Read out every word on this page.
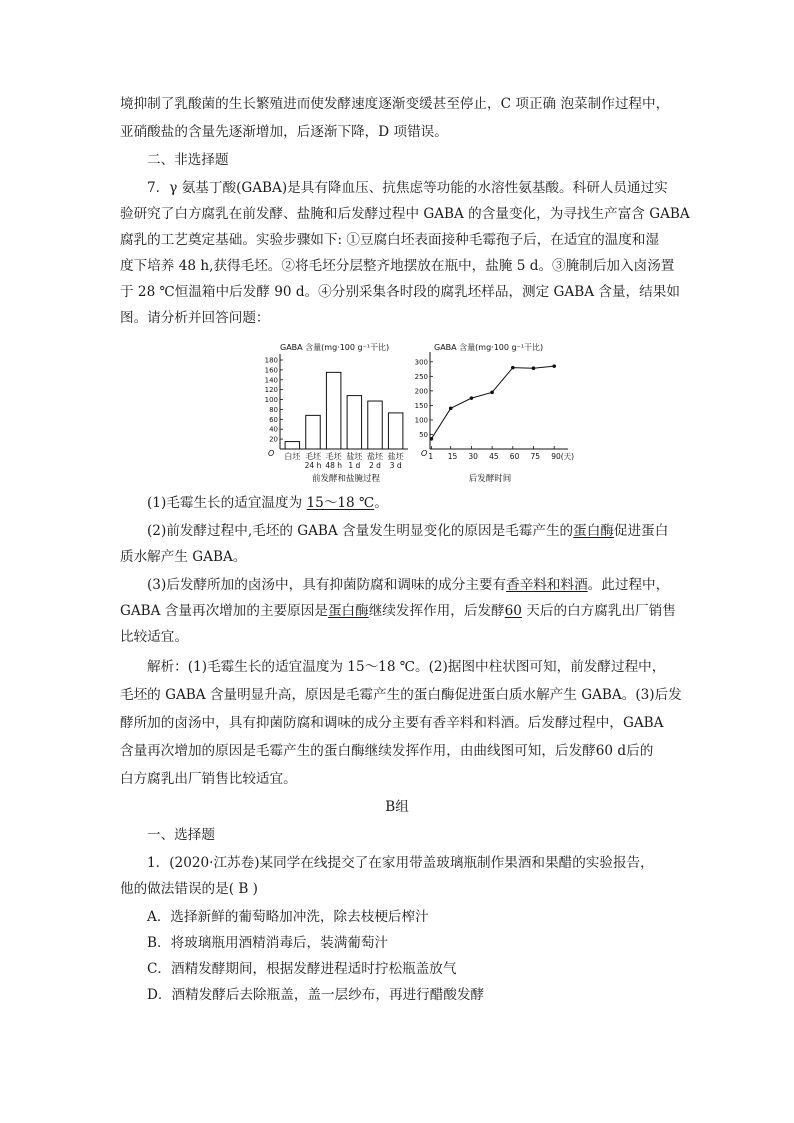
境抑制了乳酸菌的生长繁殖进而使发酵速度逐渐变缓甚至停止，C 项正确 泡菜制作过程中，
亚硝酸盐的含量先逐渐增加，后逐渐下降，D 项错误。
二、非选择题
7．γ 氨基丁酸(GABA)是具有降血压、抗焦虑等功能的水溶性氨基酸。科研人员通过实
验研究了白方腐乳在前发酵、盐腌和后发酵过程中 GABA 的含量变化，为寻找生产富含 GABA
腐乳的工艺奠定基础。实验步骤如下: ①豆腐白坯表面接种毛霉孢子后，在适宜的温度和湿
度下培养 48 h,获得毛坯。②将毛坯分层整齐地摆放在瓶中，盐腌 5 d。③腌制后加入卤汤置
于 28 ℃恒温箱中后发酵 90 d。④分别采集各时段的腐乳坯样品，测定 GABA 含量，结果如
图。请分析并回答问题：
GABA 含量(mg·100 g⁻¹干比)
O
前发酵和盐腌过程
20
40
60
80
100
120
140
160
180
白坯 毛坯
24 h
毛坯
48 h
盐坯
1 d
盐坯
2 d
盐坯
3 d
GABA 含量(mg·100 g⁻¹干比)
O
后发酵时间
50
100
150
200
250
300
1 15 30 45 60 75 90(天)
(1)毛霉生长的适宜温度为 15～18 ℃。
(2)前发酵过程中,毛坯的 GABA 含量发生明显变化的原因是毛霉产生的蛋白酶促进蛋白
质水解产生 GABA。
(3)后发酵所加的卤汤中，具有抑菌防腐和调味的成分主要有香辛料和料酒。此过程中，
GABA 含量再次增加的主要原因是蛋白酶继续发挥作用，后发酵60 天后的白方腐乳出厂销售
比较适宜。
解析：(1)毛霉生长的适宜温度为 15～18 ℃。(2)据图中柱状图可知，前发酵过程中，
毛坯的 GABA 含量明显升高，原因是毛霉产生的蛋白酶促进蛋白质水解产生 GABA。(3)后发
酵所加的卤汤中，具有抑菌防腐和调味的成分主要有香辛料和料酒。后发酵过程中，GABA
含量再次增加的原因是毛霉产生的蛋白酶继续发挥作用，由曲线图可知，后发酵60 d后的
白方腐乳出厂销售比较适宜。
B组
一、选择题
1．(2020·江苏卷)某同学在线提交了在家用带盖玻璃瓶制作果酒和果醋的实验报告，
他的做法错误的是( B )
A．选择新鲜的葡萄略加冲洗，除去枝梗后榨汁
B．将玻璃瓶用酒精消毒后，装满葡萄汁
C．酒精发酵期间，根据发酵进程适时拧松瓶盖放气
D．酒精发酵后去除瓶盖，盖一层纱布，再进行醋酸发酵
